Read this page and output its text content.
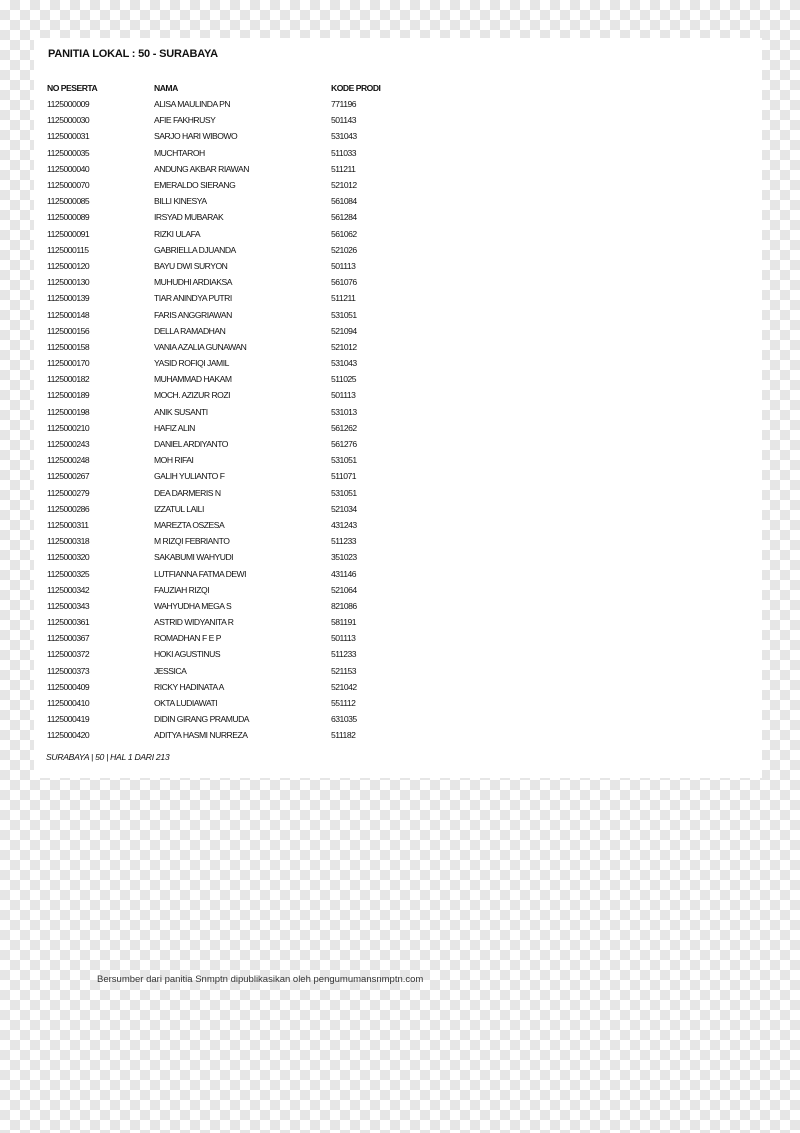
PANITIA LOKAL : 50 - SURABAYA
NO PESERTA	NAMA	KODE PRODI
1125000009	ALISA MAULINDA PN	771196
1125000030	AFIE FAKHRUSY	501143
1125000031	SARJO HARI WIBOWO	531043
1125000035	MUCHTAROH	511033
1125000040	ANDUNG AKBAR RIAWAN	511211
1125000070	EMERALDO SIERANG	521012
1125000085	BILLI KINESYA	561084
1125000089	IRSYAD MUBARAK	561284
1125000091	RIZKI ULAFA	561062
1125000115	GABRIELLA DJUANDA	521026
1125000120	BAYU DWI SURYON	501113
1125000130	MUHUDHI ARDIAKSA	561076
1125000139	TIAR ANINDYA PUTRI	511211
1125000148	FARIS ANGGRIAWAN	531051
1125000156	DELLA RAMADHAN	521094
1125000158	VANIA AZALIA GUNAWAN	521012
1125000170	YASID ROFIQI JAMIL	531043
1125000182	MUHAMMAD HAKAM	511025
1125000189	MOCH. AZIZUR ROZI	501113
1125000198	ANIK SUSANTI	531013
1125000210	HAFIZ ALIN	561262
1125000243	DANIEL ARDIYANTO	561276
1125000248	MOH RIFAI	531051
1125000267	GALIH YULIANTO F	511071
1125000279	DEA DARMERIS N	531051
1125000286	IZZATUL LAILI	521034
1125000311	MAREZTA OSZESA	431243
1125000318	M RIZQI FEBRIANTO	511233
1125000320	SAKABUMI WAHYUDI	351023
1125000325	LUTFIANNA FATMA DEWI	431146
1125000342	FAUZIAH RIZQI	521064
1125000343	WAHYUDHA MEGA S	821086
1125000361	ASTRID WIDYANITA R	581191
1125000367	ROMADHAN F E P	501113
1125000372	HOKI AGUSTINUS	511233
1125000373	JESSICA	521153
1125000409	RICKY HADINATA A	521042
1125000410	OKTA LUDIAWATI	551112
1125000419	DIDIN GIRANG PRAMUDA	631035
1125000420	ADITYA HASMI NURREZA	511182
SURABAYA | 50 | HAL 1 DARI 213
Bersumber dari panitia Snmptn dipublikasikan oleh pengumumansnmptn.com
